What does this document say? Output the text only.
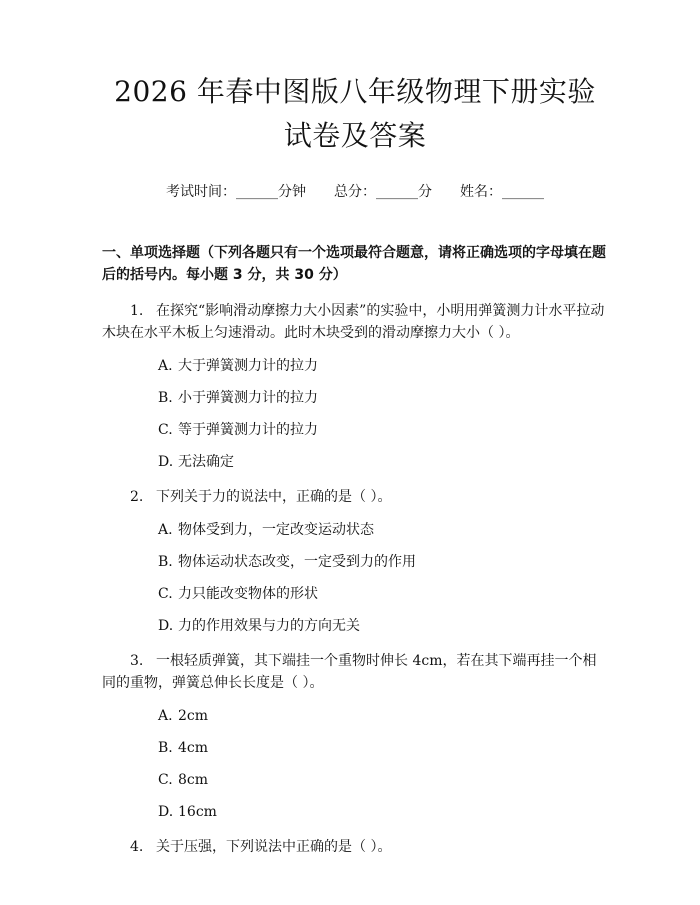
2026 年春中图版八年级物理下册实验试卷及答案
考试时间：______分钟 总分：______分 姓名：______
一、单项选择题（下列各题只有一个选项最符合题意，请将正确选项的字母填在题后的括号内。每小题 3 分，共 30 分）
1. 在探究“影响滑动摩擦力大小因素”的实验中，小明用弹簧测力计水平拉动木块在水平木板上匀速滑动。此时木块受到的滑动摩擦力大小（ ）。
A. 大于弹簧测力计的拉力
B. 小于弹簧测力计的拉力
C. 等于弹簧测力计的拉力
D. 无法确定
2. 下列关于力的说法中，正确的是（ ）。
A. 物体受到力，一定改变运动状态
B. 物体运动状态改变，一定受到力的作用
C. 力只能改变物体的形状
D. 力的作用效果与力的方向无关
3. 一根轻质弹簧，其下端挂一个重物时伸长 4cm，若在其下端再挂一个相同的重物，弹簧总伸长长度是（ ）。
A. 2cm
B. 4cm
C. 8cm
D. 16cm
4. 关于压强，下列说法中正确的是（ ）。
